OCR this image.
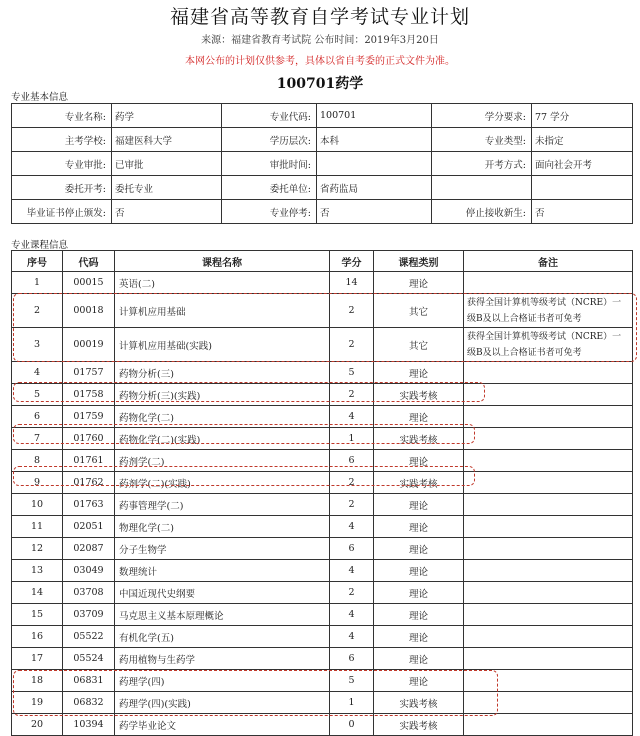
福建省高等教育自学考试专业计划
来源：福建省教育考试院 公布时间：2019年3月20日
本网公布的计划仅供参考，具体以省自考委的正式文件为准。
100701药学
专业基本信息
专业名称:	药学	专业代码:	100701	学分要求:	77 学分
主考学校:	福建医科大学	学历层次:	本科	专业类型:	未指定
专业审批:	已审批	审批时间:		开考方式:	面向社会开考
委托开考:	委托专业	委托单位:	省药监局		
毕业证书停止颁发:	否	专业停考:	否	停止接收新生:	否
专业课程信息
序号	代码	课程名称	学分	课程类别	备注
1	00015	英语(二)	14	理论	
2	00018	计算机应用基础	2	其它	获得全国计算机等级考试（NCRE）一级B及以上合格证书者可免考
3	00019	计算机应用基础(实践)	2	其它	获得全国计算机等级考试（NCRE）一级B及以上合格证书者可免考
4	01757	药物分析(三)	5	理论	
5	01758	药物分析(三)(实践)	2	实践考核	
6	01759	药物化学(二)	4	理论	
7	01760	药物化学(二)(实践)	1	实践考核	
8	01761	药剂学(二)	6	理论	
9	01762	药剂学(二)(实践)	2	实践考核	
10	01763	药事管理学(二)	2	理论	
11	02051	物理化学(二)	4	理论	
12	02087	分子生物学	6	理论	
13	03049	数理统计	4	理论	
14	03708	中国近现代史纲要	2	理论	
15	03709	马克思主义基本原理概论	4	理论	
16	05522	有机化学(五)	4	理论	
17	05524	药用植物与生药学	6	理论	
18	06831	药理学(四)	5	理论	
19	06832	药理学(四)(实践)	1	实践考核	
20	10394	药学毕业论文	0	实践考核	
